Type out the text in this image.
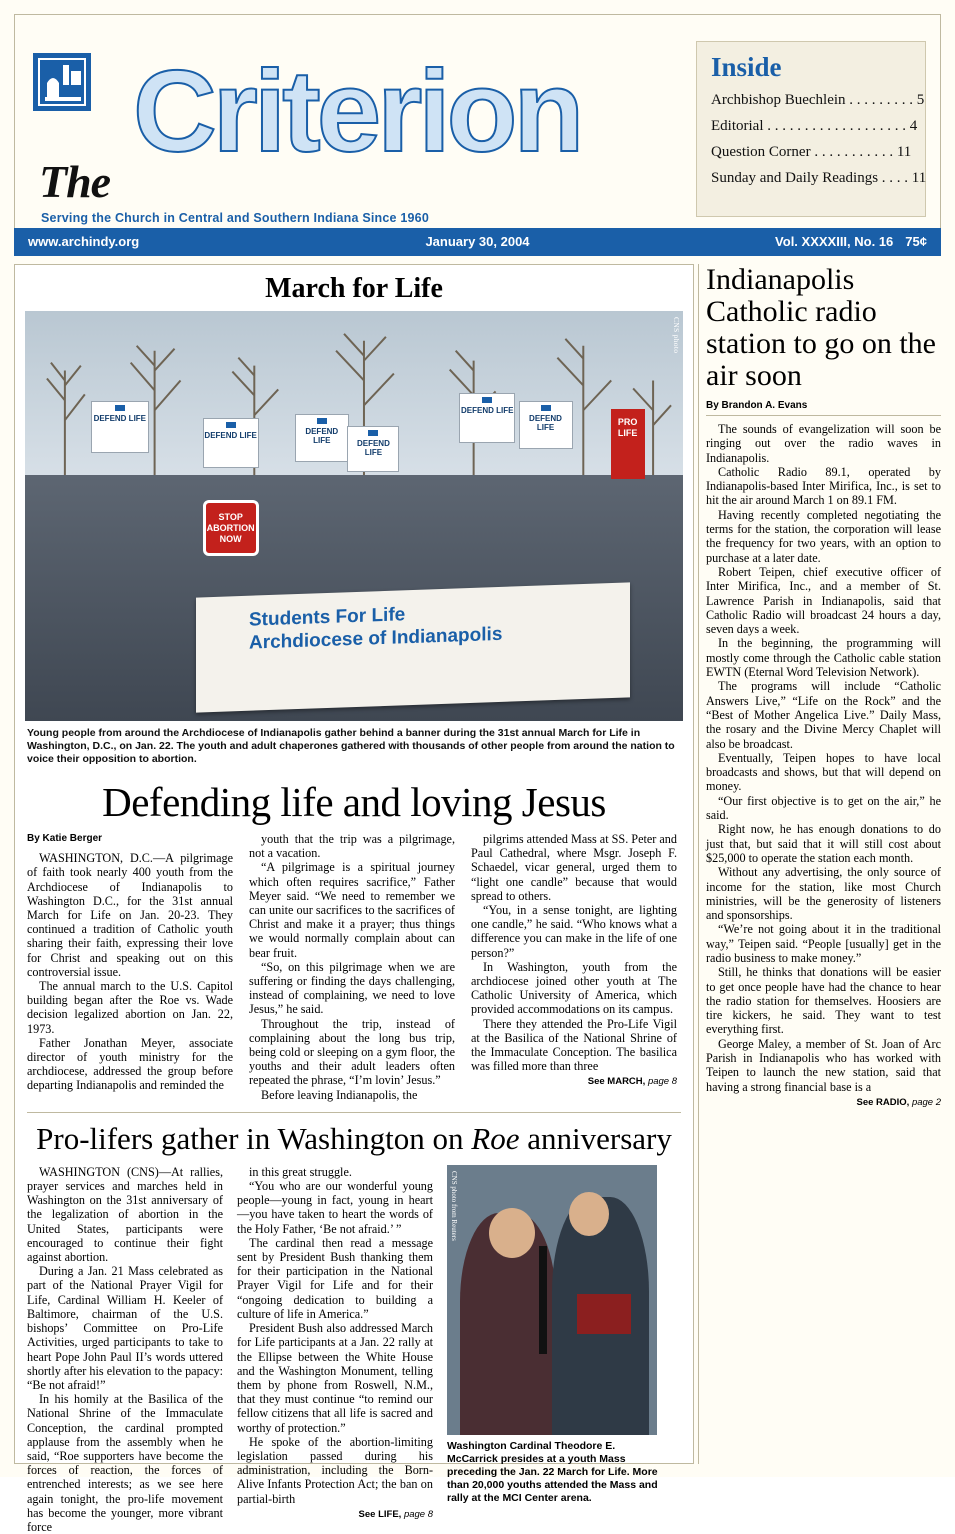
The
Criterion
Serving the Church in Central and Southern Indiana Since 1960
Inside
Archbishop Buechlein . . . . . . . . . 5
Editorial . . . . . . . . . . . . . . . . . . . 4
Question Corner . . . . . . . . . . . 11
Sunday and Daily Readings . . . . 11
www.archindy.org	January 30, 2004	Vol. XXXXIII, No. 16 75¢
March for Life
DEFEND LIFE
DEFEND LIFE	DEFEND LIFE	DEFEND LIFE
DEFEND LIFE
DEFEND LIFE
STOP ABORTION NOW
PRO LIFE
Students For Life
Archdiocese of Indianapolis
CNS photo
Young people from around the Archdiocese of Indianapolis gather behind a banner during the 31st annual March for Life in Washington, D.C., on Jan. 22. The youth and adult chaperones gathered with thousands of other people from around the nation to voice their opposition to abortion.
Defending life and loving Jesus
By Katie Berger

WASHINGTON, D.C.—A pilgrimage of faith took nearly 400 youth from the Archdiocese of Indianapolis to Washington D.C., for the 31st annual March for Life on Jan. 20-23. They continued a tradition of Catholic youth sharing their faith, expressing their love for Christ and speaking out on this controversial issue.

The annual march to the U.S. Capitol building began after the Roe vs. Wade decision legalized abortion on Jan. 22, 1973.

Father Jonathan Meyer, associate director of youth ministry for the archdiocese, addressed the group before departing Indianapolis and reminded the

youth that the trip was a pilgrimage, not a vacation.

“A pilgrimage is a spiritual journey which often requires sacrifice,” Father Meyer said. “We need to remember we can unite our sacrifices to the sacrifices of Christ and make it a prayer; thus things we would normally complain about can bear fruit.

“So, on this pilgrimage when we are suffering or finding the days challenging, instead of complaining, we need to love Jesus,” he said.

Throughout the trip, instead of complaining about the long bus trip, being cold or sleeping on a gym floor, the youths and their adult leaders often repeated the phrase, “I’m lovin’ Jesus.”

Before leaving Indianapolis, the

pilgrims attended Mass at SS. Peter and Paul Cathedral, where Msgr. Joseph F. Schaedel, vicar general, urged them to “light one candle” because that would spread to others.

“You, in a sense tonight, are lighting one candle,” he said. “Who knows what a difference you can make in the life of one person?”

In Washington, youth from the archdiocese joined other youth at The Catholic University of America, which provided accommodations on its campus.

There they attended the Pro-Life Vigil at the Basilica of the National Shrine of the Immaculate Conception. The basilica was filled more than three

See MARCH, page 8
Pro-lifers gather in Washington on Roe anniversary

WASHINGTON (CNS)—At rallies, prayer services and marches held in Washington on the 31st anniversary of the legalization of abortion in the United States, participants were encouraged to continue their fight against abortion.

During a Jan. 21 Mass celebrated as part of the National Prayer Vigil for Life, Cardinal William H. Keeler of Baltimore, chairman of the U.S. bishops’ Committee on Pro-Life Activities, urged participants to take to heart Pope John Paul II’s words uttered shortly after his elevation to the papacy: “Be not afraid!”

In his homily at the Basilica of the National Shrine of the Immaculate Conception, the cardinal prompted applause from the assembly when he said, “Roe supporters have become the forces of reaction, the forces of entrenched interests; as we see here again tonight, the pro-life movement has become the younger, more vibrant force

in this great struggle.

“You who are our wonderful young people—young in fact, young in heart—you have taken to heart the words of the Holy Father, ‘Be not afraid.’ ”

The cardinal then read a message sent by President Bush thanking them for their participation in the National Prayer Vigil for Life and for their “ongoing dedication to building a culture of life in America.”

President Bush also addressed March for Life participants at a Jan. 22 rally at the Ellipse between the White House and the Washington Monument, telling them by phone from Roswell, N.M., that they must continue “to remind our fellow citizens that all life is sacred and worthy of protection.”

He spoke of the abortion-limiting legislation passed during his administration, including the Born-Alive Infants Protection Act; the ban on partial-birth

See LIFE, page 8
CNS photo from Reuters
Washington Cardinal Theodore E. McCarrick presides at a youth Mass preceding the Jan. 22 March for Life. More than 20,000 youths attended the Mass and rally at the MCI Center arena.
Indianapolis Catholic radio station to go on the air soon
By Brandon A. Evans

The sounds of evangelization will soon be ringing out over the radio waves in Indianapolis.

Catholic Radio 89.1, operated by Indianapolis-based Inter Mirifica, Inc., is set to hit the air around March 1 on 89.1 FM.

Having recently completed negotiating the terms for the station, the corporation will lease the frequency for two years, with an option to purchase at a later date.

Robert Teipen, chief executive officer of Inter Mirifica, Inc., and a member of St. Lawrence Parish in Indianapolis, said that Catholic Radio will broadcast 24 hours a day, seven days a week.

In the beginning, the programming will mostly come through the Catholic cable station EWTN (Eternal Word Television Network).

The programs will include “Catholic Answers Live,” “Life on the Rock” and the “Best of Mother Angelica Live.” Daily Mass, the rosary and the Divine Mercy Chaplet will also be broadcast.

Eventually, Teipen hopes to have local broadcasts and shows, but that will depend on money.

“Our first objective is to get on the air,” he said.

Right now, he has enough donations to do just that, but said that it will still cost about $25,000 to operate the station each month.

Without any advertising, the only source of income for the station, like most Church ministries, will be the generosity of listeners and sponsorships.

“We’re not going about it in the traditional way,” Teipen said. “People [usually] get in the radio business to make money.”

Still, he thinks that donations will be easier to get once people have had the chance to hear the radio station for themselves. Hoosiers are tire kickers, he said. They want to test everything first.

George Maley, a member of St. Joan of Arc Parish in Indianapolis who has worked with Teipen to launch the new station, said that having a strong financial base is a

See RADIO, page 2
